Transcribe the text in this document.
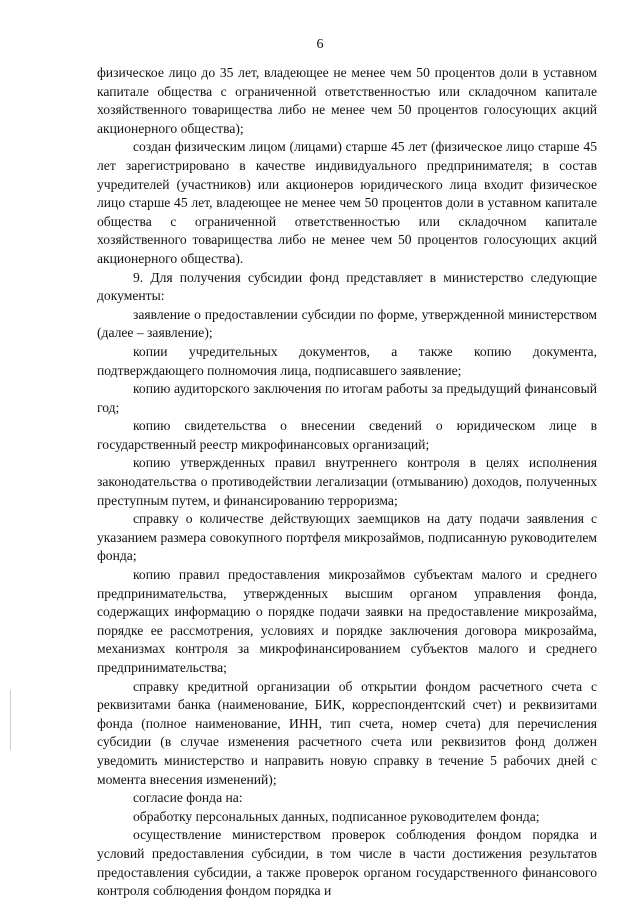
6

физическое лицо до 35 лет, владеющее не менее чем 50 процентов доли в уставном капитале общества с ограниченной ответственностью или складочном капитале хозяйственного товарищества либо не менее чем 50 процентов голосующих акций акционерного общества);

создан физическим лицом (лицами) старше 45 лет (физическое лицо старше 45 лет зарегистрировано в качестве индивидуального предпринимателя; в состав учредителей (участников) или акционеров юридического лица входит физическое лицо старше 45 лет, владеющее не менее чем 50 процентов доли в уставном капитале общества с ограниченной ответственностью или складочном капитале хозяйственного товарищества либо не менее чем 50 процентов голосующих акций акционерного общества).

9. Для получения субсидии фонд представляет в министерство следующие документы:

заявление о предоставлении субсидии по форме, утвержденной министерством (далее – заявление);

копии учредительных документов, а также копию документа, подтверждающего полномочия лица, подписавшего заявление;

копию аудиторского заключения по итогам работы за предыдущий финансовый год;

копию свидетельства о внесении сведений о юридическом лице в государственный реестр микрофинансовых организаций;

копию утвержденных правил внутреннего контроля в целях исполнения законодательства о противодействии легализации (отмыванию) доходов, полученных преступным путем, и финансированию терроризма;

справку о количестве действующих заемщиков на дату подачи заявления с указанием размера совокупного портфеля микрозаймов, подписанную руководителем фонда;

копию правил предоставления микрозаймов субъектам малого и среднего предпринимательства, утвержденных высшим органом управления фонда, содержащих информацию о порядке подачи заявки на предоставление микрозайма, порядке ее рассмотрения, условиях и порядке заключения договора микрозайма, механизмах контроля за микрофинансированием субъектов малого и среднего предпринимательства;

справку кредитной организации об открытии фондом расчетного счета с реквизитами банка (наименование, БИК, корреспондентский счет) и реквизитами фонда (полное наименование, ИНН, тип счета, номер счета) для перечисления субсидии (в случае изменения расчетного счета или реквизитов фонд должен уведомить министерство и направить новую справку в течение 5 рабочих дней с момента внесения изменений);

согласие фонда на:

обработку персональных данных, подписанное руководителем фонда;

осуществление министерством проверок соблюдения фондом порядка и условий предоставления субсидии, в том числе в части достижения результатов предоставления субсидии, а также проверок органом государственного финансового контроля соблюдения фондом порядка и
